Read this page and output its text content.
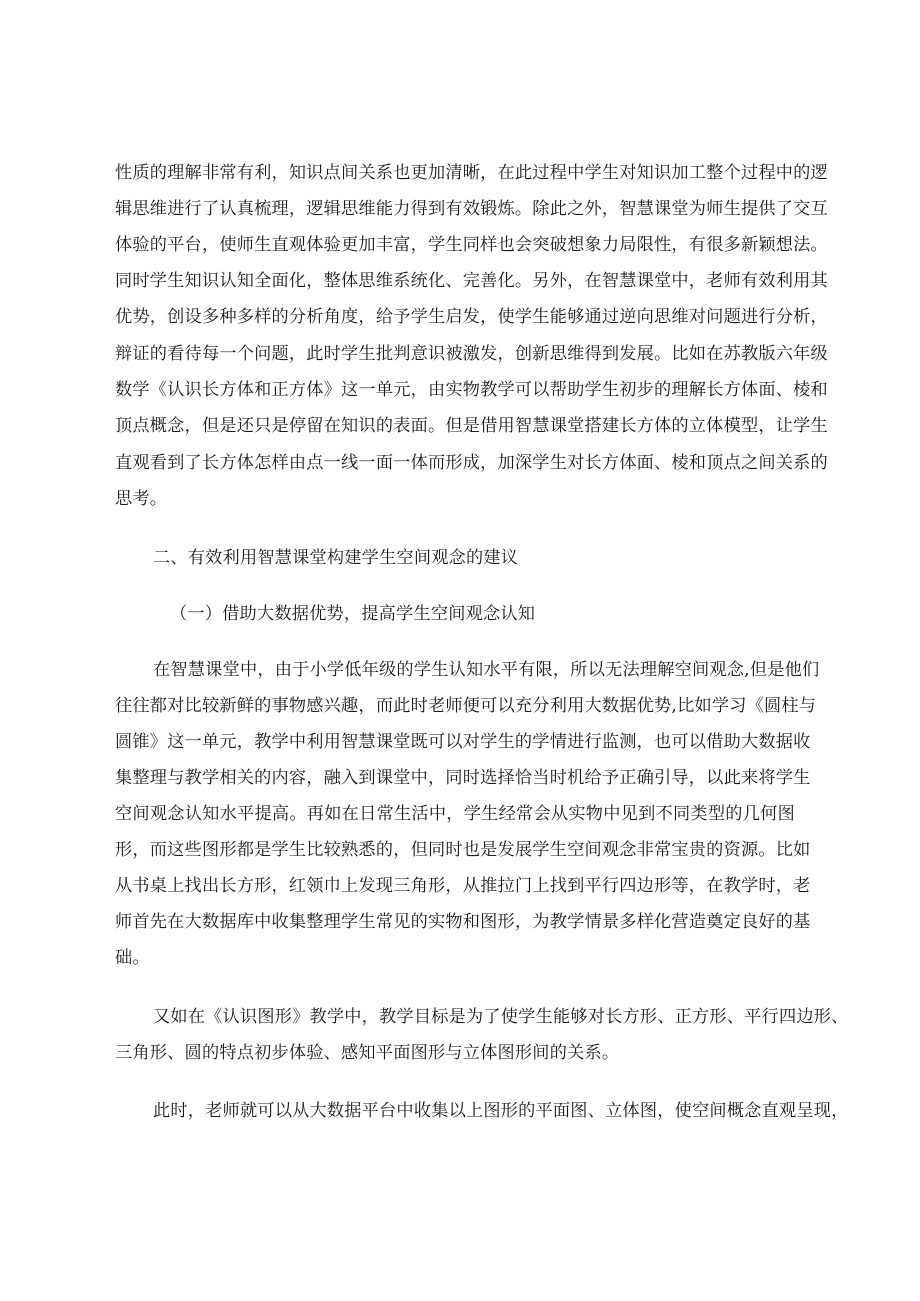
性质的理解非常有利，知识点间关系也更加清晰，在此过程中学生对知识加工整个过程中的逻
辑思维进行了认真梳理，逻辑思维能力得到有效锻炼。除此之外，智慧课堂为师生提供了交互
体验的平台，使师生直观体验更加丰富，学生同样也会突破想象力局限性，有很多新颖想法。
同时学生知识认知全面化，整体思维系统化、完善化。另外，在智慧课堂中，老师有效利用其
优势，创设多种多样的分析角度，给予学生启发，使学生能够通过逆向思维对问题进行分析，
辩证的看待每一个问题，此时学生批判意识被激发，创新思维得到发展。比如在苏教版六年级
数学《认识长方体和正方体》这一单元，由实物教学可以帮助学生初步的理解长方体面、棱和
顶点概念，但是还只是停留在知识的表面。但是借用智慧课堂搭建长方体的立体模型，让学生
直观看到了长方体怎样由点一线一面一体而形成，加深学生对长方体面、棱和顶点之间关系的
思考。
二、有效利用智慧课堂构建学生空间观念的建议
（一）借助大数据优势，提高学生空间观念认知
在智慧课堂中，由于小学低年级的学生认知水平有限，所以无法理解空间观念,但是他们
往往都对比较新鲜的事物感兴趣，而此时老师便可以充分利用大数据优势,比如学习《圆柱与
圆锥》这一单元，教学中利用智慧课堂既可以对学生的学情进行监测，也可以借助大数据收
集整理与教学相关的内容，融入到课堂中，同时选择恰当时机给予正确引导，以此来将学生
空间观念认知水平提高。再如在日常生活中，学生经常会从实物中见到不同类型的几何图
形，而这些图形都是学生比较熟悉的，但同时也是发展学生空间观念非常宝贵的资源。比如
从书桌上找出长方形，红领巾上发现三角形，从推拉门上找到平行四边形等，在教学时，老
师首先在大数据库中收集整理学生常见的实物和图形，为教学情景多样化营造奠定良好的基
础。
又如在《认识图形》教学中，教学目标是为了使学生能够对长方形、正方形、平行四边形、
三角形、圆的特点初步体验、感知平面图形与立体图形间的关系。
此时，老师就可以从大数据平台中收集以上图形的平面图、立体图，使空间概念直观呈现，
